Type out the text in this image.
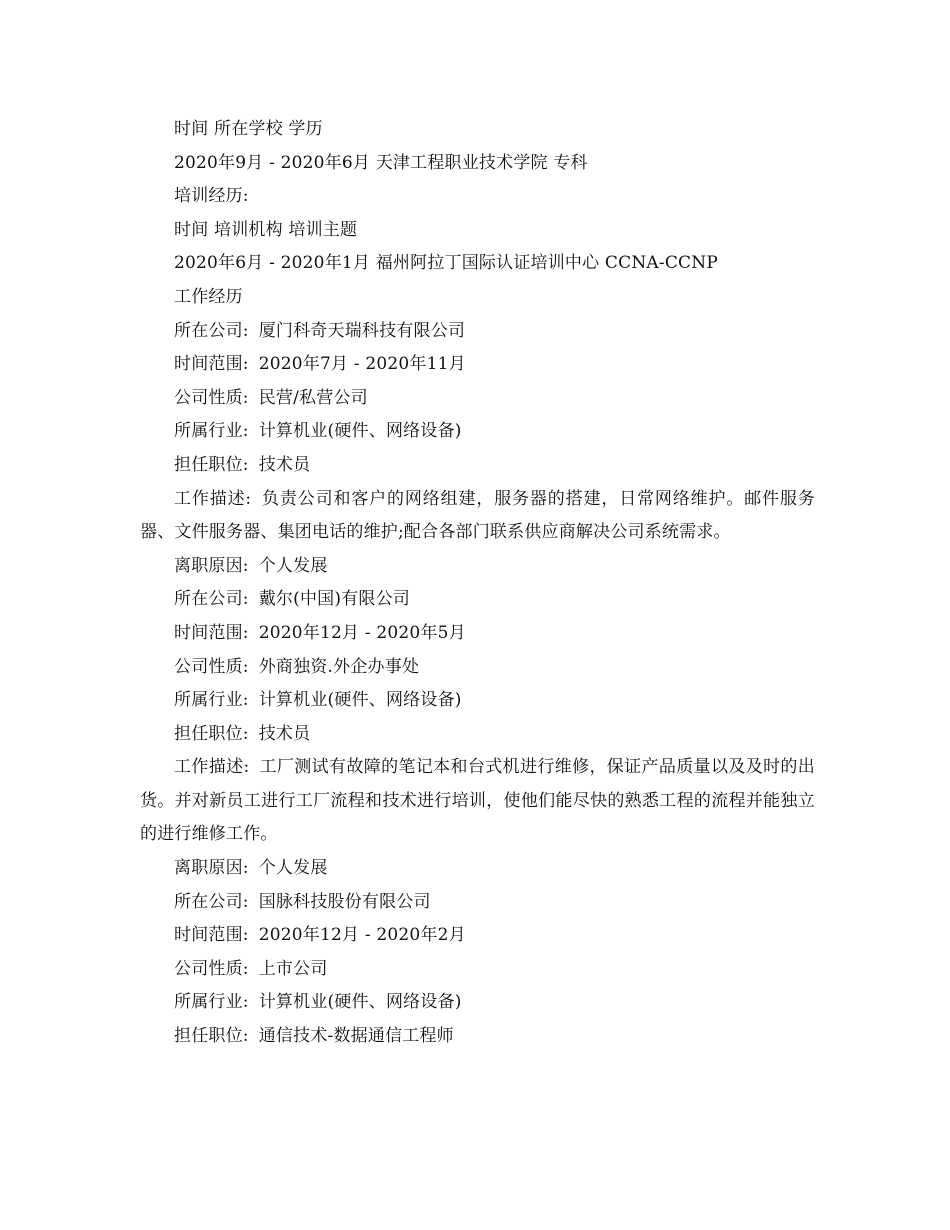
时间 所在学校 学历

2020年9月 - 2020年6月 天津工程职业技术学院 专科

培训经历:

时间 培训机构 培训主题

2020年6月 - 2020年1月 福州阿拉丁国际认证培训中心 CCNA-CCNP

工作经历

所在公司: 厦门科奇天瑞科技有限公司

时间范围: 2020年7月 - 2020年11月

公司性质: 民营/私营公司

所属行业: 计算机业(硬件、网络设备)

担任职位: 技术员

工作描述: 负责公司和客户的网络组建，服务器的搭建，日常网络维护。邮件服务器、文件服务器、集团电话的维护;配合各部门联系供应商解决公司系统需求。

离职原因: 个人发展

所在公司: 戴尔(中国)有限公司

时间范围: 2020年12月 - 2020年5月

公司性质: 外商独资.外企办事处

所属行业: 计算机业(硬件、网络设备)

担任职位: 技术员

工作描述: 工厂测试有故障的笔记本和台式机进行维修，保证产品质量以及及时的出货。并对新员工进行工厂流程和技术进行培训，使他们能尽快的熟悉工程的流程并能独立的进行维修工作。

离职原因: 个人发展

所在公司: 国脉科技股份有限公司

时间范围: 2020年12月 - 2020年2月

公司性质: 上市公司

所属行业: 计算机业(硬件、网络设备)

担任职位: 通信技术-数据通信工程师
